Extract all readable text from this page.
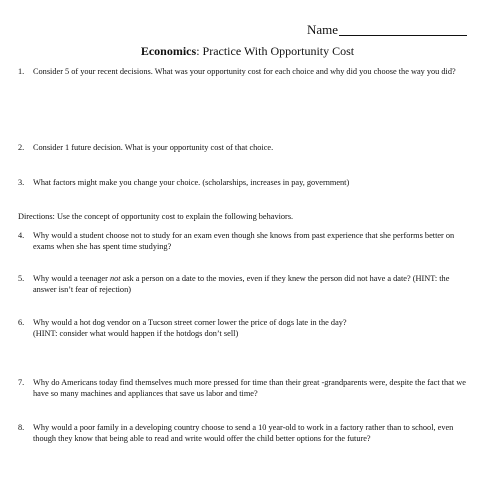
Name
Economics: Practice With Opportunity Cost
1. Consider 5 of your recent decisions. What was your opportunity cost for each choice and why did you choose the way you did?
2. Consider 1 future decision. What is your opportunity cost of that choice.
3. What factors might make you change your choice. (scholarships, increases in pay, government)
Directions: Use the concept of opportunity cost to explain the following behaviors.
4. Why would a student choose not to study for an exam even though she knows from past experience that she performs better on exams when she has spent time studying?
5. Why would a teenager not ask a person on a date to the movies, even if they knew the person did not have a date? (HINT: the answer isn’t fear of rejection)
6. Why would a hot dog vendor on a Tucson street corner lower the price of dogs late in the day?
(HINT: consider what would happen if the hotdogs don’t sell)
7. Why do Americans today find themselves much more pressed for time than their great -grandparents were, despite the fact that we have so many machines and appliances that save us labor and time?
8. Why would a poor family in a developing country choose to send a 10 year-old to work in a factory rather than to school, even though they know that being able to read and write would offer the child better options for the future?
